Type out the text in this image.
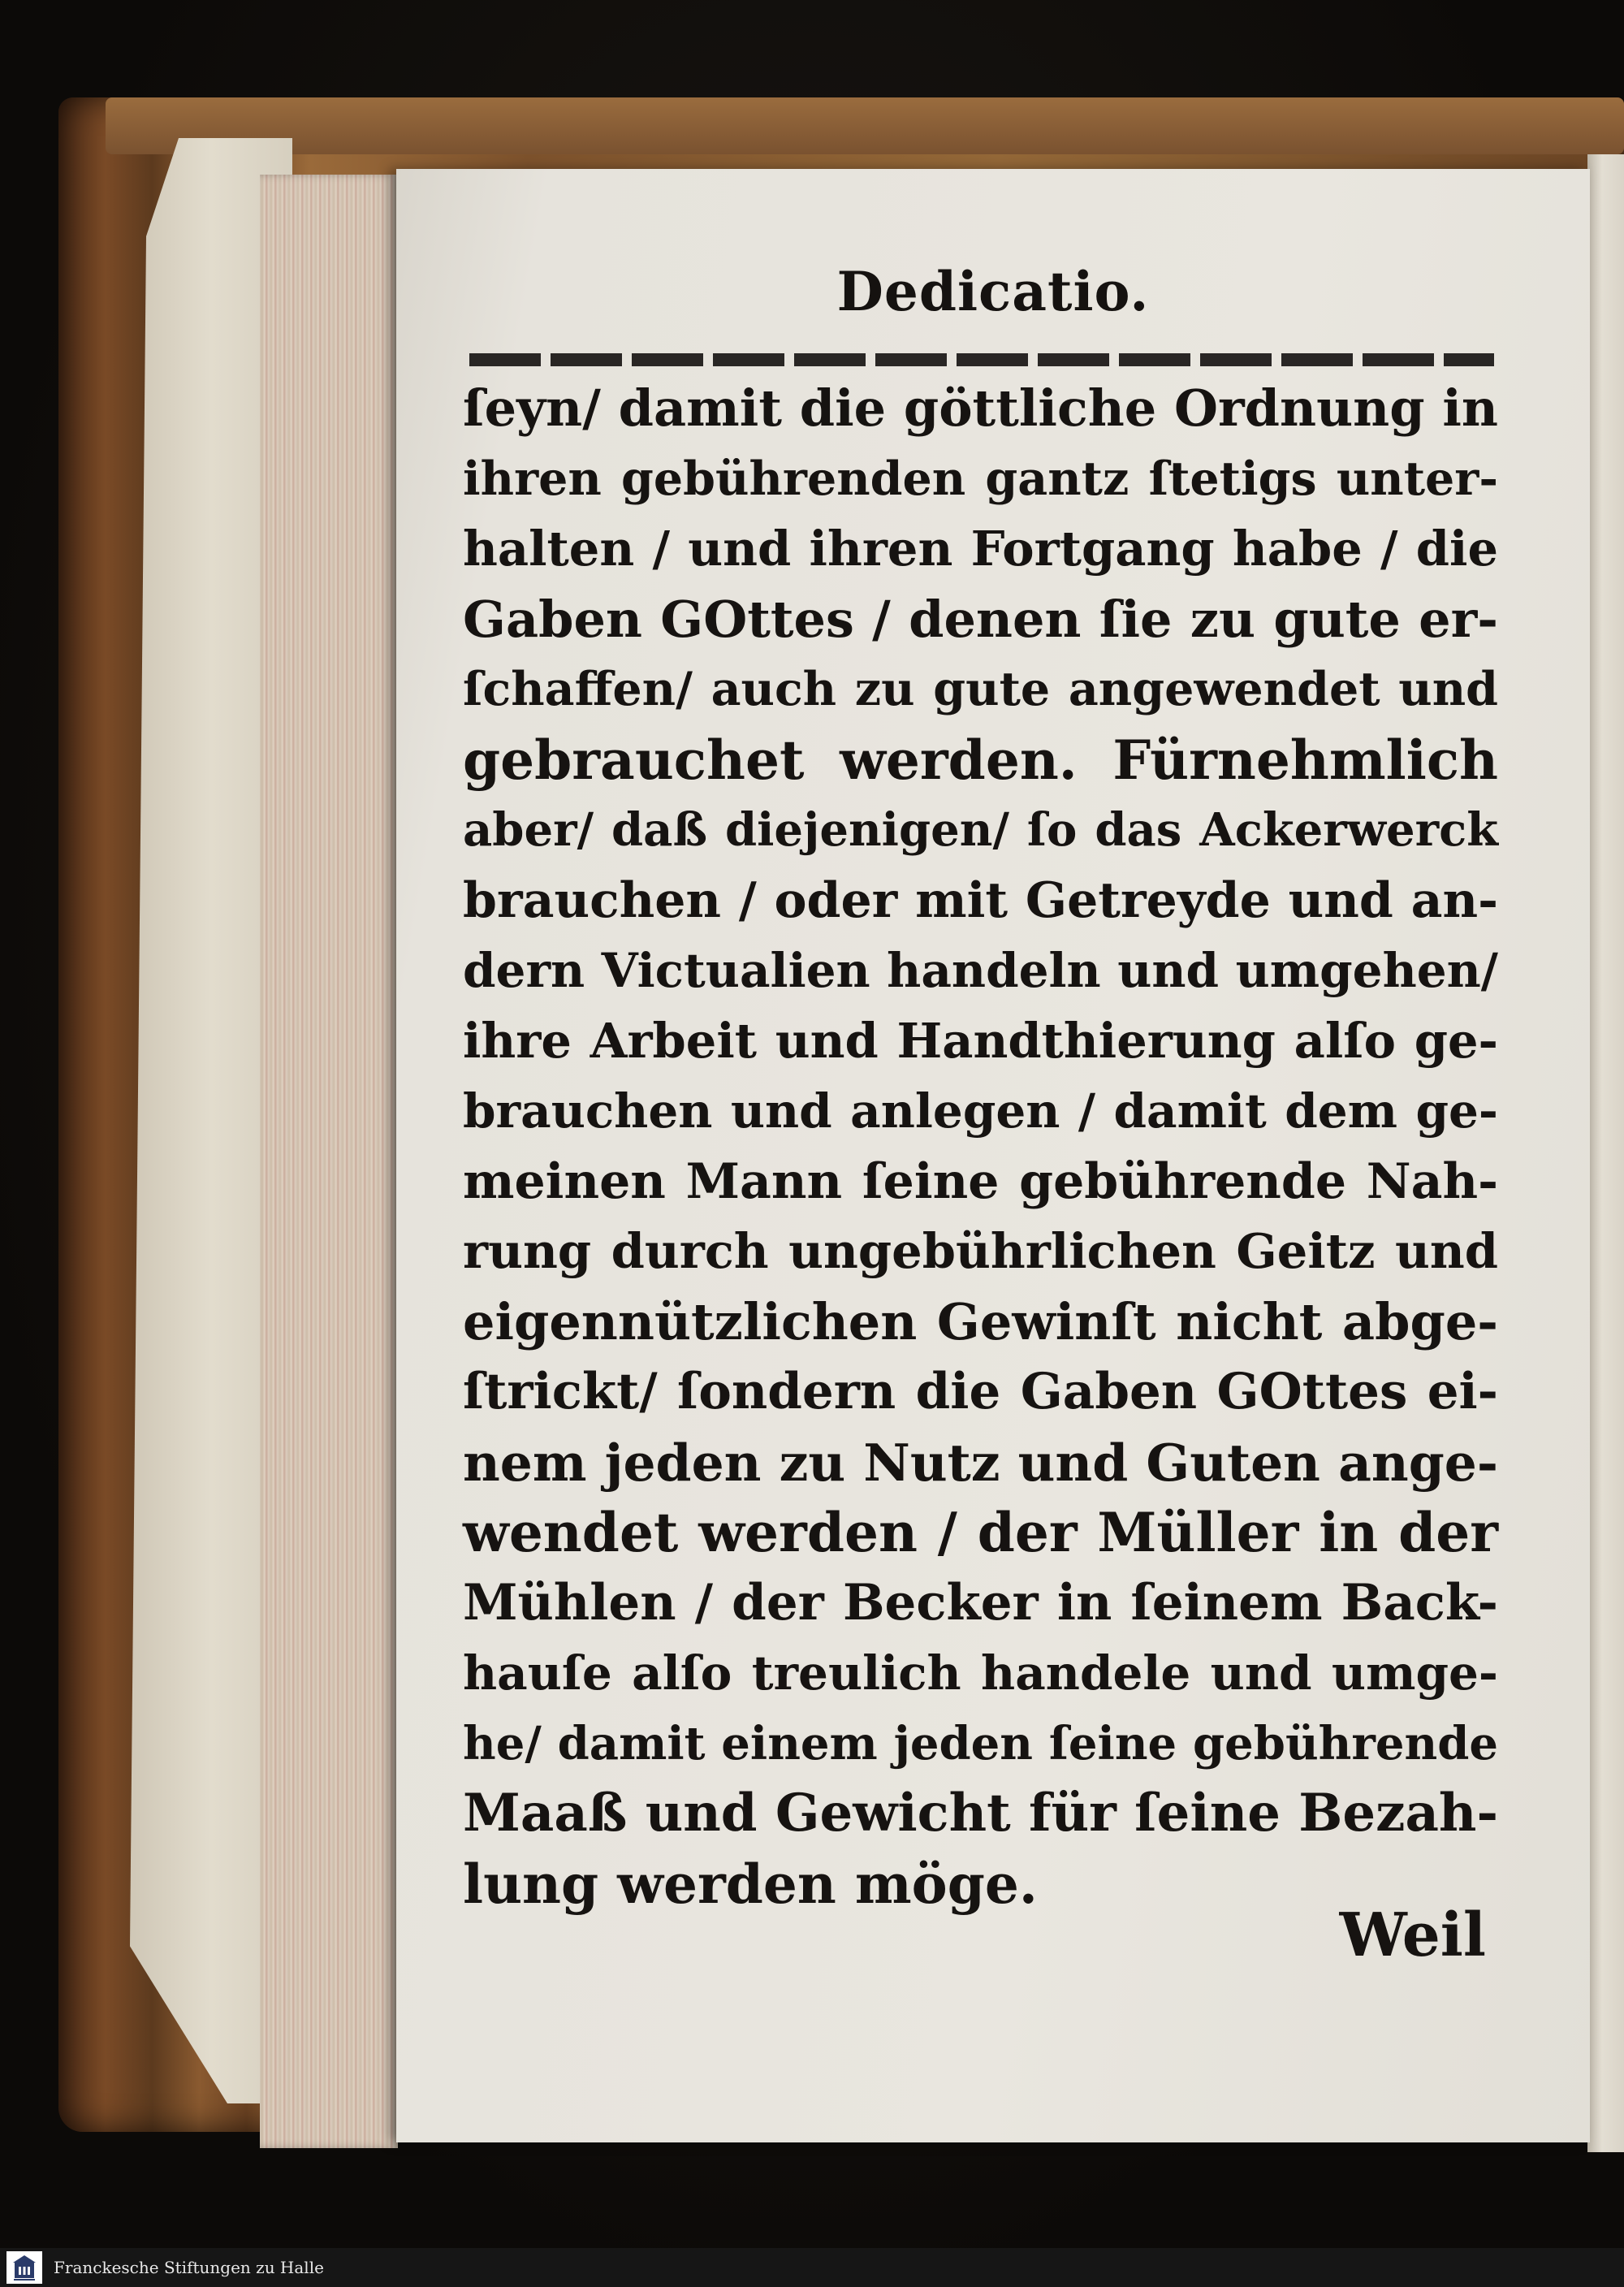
Dedicatio.
ſeyn/ damit die göttliche Ordnung in
ihren gebührenden gantz ſtetigs unter-
halten / und ihren Fortgang habe / die
Gaben GOttes / denen ſie zu gute er-
ſchaffen/ auch zu gute angewendet und
gebrauchet werden. Fürnehmlich
aber/ daß diejenigen/ ſo das Ackerwerck
brauchen / oder mit Getreyde und an-
dern Victualien handeln und umgehen/
ihre Arbeit und Handthierung alſo ge-
brauchen und anlegen / damit dem ge-
meinen Mann ſeine gebührende Nah-
rung durch ungebührlichen Geitz und
eigennützlichen Gewinſt nicht abge-
ſtrickt/ ſondern die Gaben GOttes ei-
nem jeden zu Nutz und Guten ange-
wendet werden / der Müller in der
Mühlen / der Becker in ſeinem Back-
hauſe alſo treulich handele und umge-
he/ damit einem jeden ſeine gebührende
Maaß und Gewicht für ſeine Bezah-
lung werden möge.
Weil
Franckesche Stiftungen zu Halle
